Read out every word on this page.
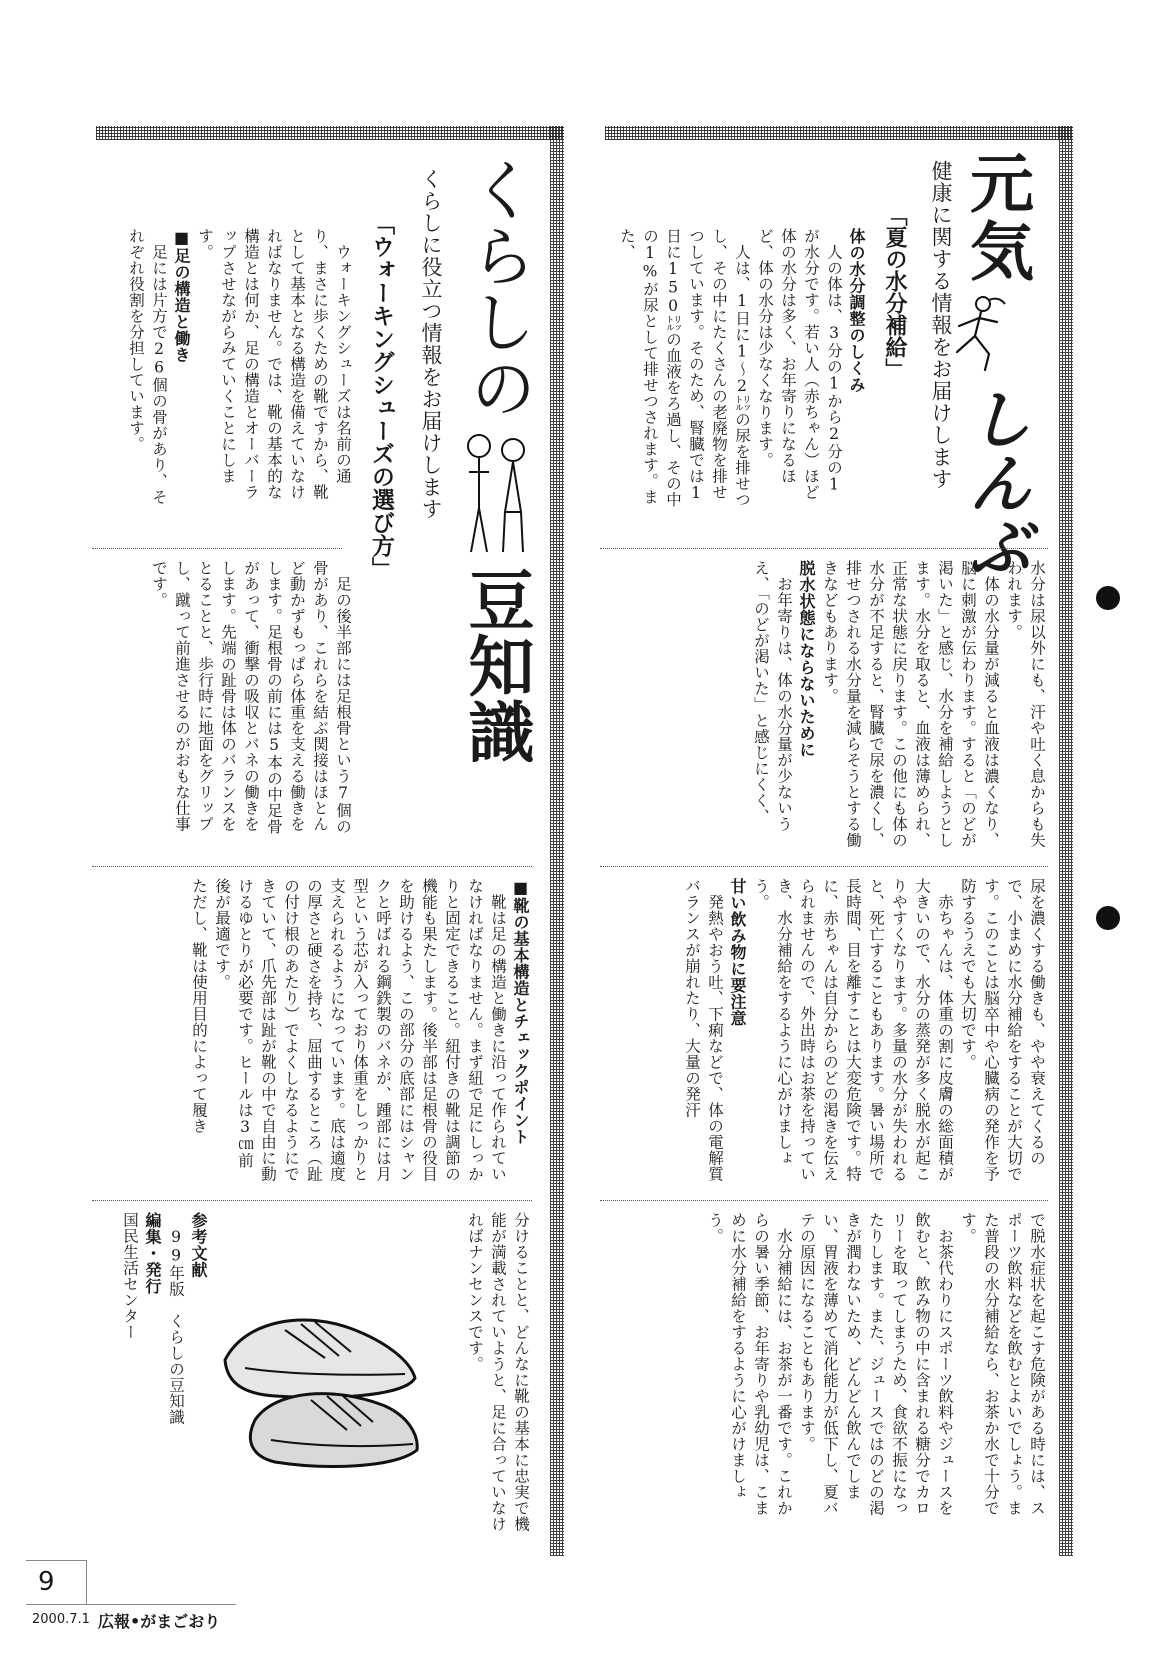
元気
しんぶ
健康に関する情報をお届けします
「夏の水分補給」
体の水分調整のしくみ
人の体は、3分の1から2分の1が水分です。若い人（赤ちゃん）ほど体の水分は多く、お年寄りになるほど、体の水分は少なくなります。
人は、1日に1～2㍑の尿を排せつし、その中にたくさんの老廃物を排せつしています。そのため、腎臓では1日に150㍑の血液をろ過し、その中の1%が尿として排せつされます。また、
水分は尿以外にも、汗や吐く息からも失われます。
体の水分量が減ると血液は濃くなり、脳に刺激が伝わります。すると「のどが渇いた」と感じ、水分を補給しようとします。水分を取ると、血液は薄められ、正常な状態に戻ります。この他にも体の水分が不足すると、腎臓で尿を濃くし、排せつされる水分量を減らそうとする働きなどもあります。
脱水状態にならないために
お年寄りは、体の水分量が少ないうえ、「のどが渇いた」と感じにくく、
尿を濃くする働きも、やや衰えてくるので、小まめに水分補給をすることが大切です。このことは脳卒中や心臓病の発作を予防するうえでも大切です。
赤ちゃんは、体重の割に皮膚の総面積が大きいので、水分の蒸発が多く脱水が起こりやすくなります。多量の水分が失われると、死亡することもあります。暑い場所で長時間、目を離すことは大変危険です。特に、赤ちゃんは自分からのどの渇きを伝えられませんので、外出時はお茶を持っていき、水分補給をするように心がけましょう。
甘い飲み物に要注意
発熱やおう吐、下痢などで、体の電解質バランスが崩れたり、大量の発汗
で脱水症状を起こす危険がある時には、スポーツ飲料などを飲むとよいでしょう。また普段の水分補給なら、お茶か水で十分です。
お茶代わりにスポーツ飲料やジュースを飲むと、飲み物の中に含まれる糖分でカロリーを取ってしまうため、食欲不振になったりします。また、ジュースではのどの渇きが潤わないため、どんどん飲んでしまい、胃液を薄めて消化能力が低下し、夏バテの原因になることもあります。
水分補給には、お茶が一番です。これからの暑い季節、お年寄りや乳幼児は、こまめに水分補給をするように心がけましょう。
くらしの
豆知識
くらしに役立つ情報をお届けします
「ウォーキングシューズの選び方」
ウォーキングシューズは名前の通り、まさに歩くための靴ですから、靴として基本となる構造を備えていなければなりません。では、靴の基本的な構造とは何か、足の構造とオーバーラップさせながらみていくことにします。
■足の構造と働き
足には片方で26個の骨があり、それぞれ役割を分担しています。
足の後半部には足根骨という7個の骨があり、これらを結ぶ関接はほとんど動かずもっぱら体重を支える働きをします。足根骨の前には5本の中足骨があって、衝撃の吸収とバネの働きをします。先端の趾骨は体のバランスをとることと、歩行時に地面をグリップし、蹴って前進させるのがおもな仕事です。
■靴の基本構造とチェックポイント
靴は足の構造と働きに沿って作られていなければなりません。まず紐で足にしっかりと固定できること。紐付きの靴は調節の機能も果たします。後半部は足根骨の役目を助けるよう、この部分の底部にはシャンクと呼ばれる鋼鉄製のバネが、踵部には月型という芯が入っており体重をしっかりと支えられるようになっています。底は適度の厚さと硬さを持ち、屈曲するところ（趾の付け根のあたり）でよくしなるようにできていて、爪先部は趾が靴の中で自由に動けるゆとりが必要です。ヒールは3㎝前後が最適です。
ただし、靴は使用目的によって履き
分けることと、どんなに靴の基本に忠実で機能が満載されていようと、足に合っていなければナンセンスです。
参考文献
99年版　くらしの豆知識
編集・発行
国民生活センター
9
2000.7.1 広報•がまごおり
